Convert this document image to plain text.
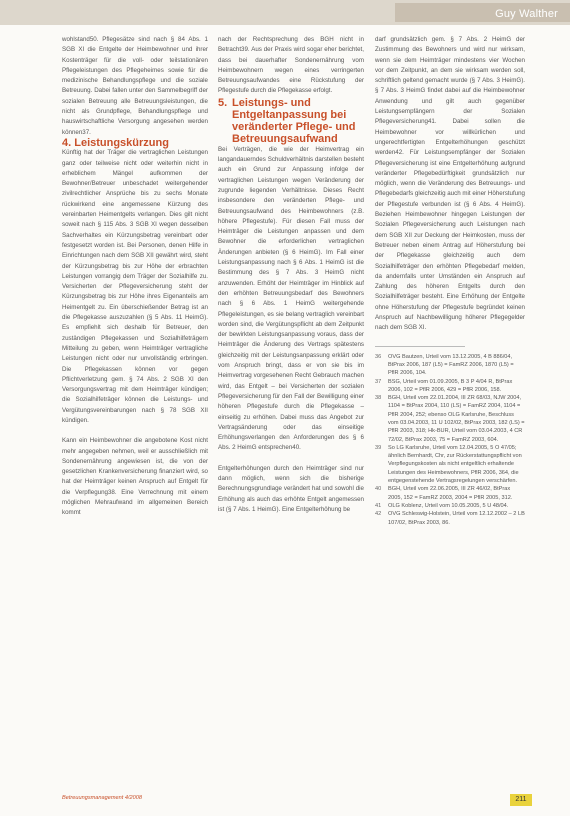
Guy Walther

wohlstand50. Pflegesätze sind nach § 84 Abs. 1 SGB XI die Entgelte der Heimbewohner und ihrer Kostenträger für die voll- oder teilstationären Pflegeleistungen des Pflegeheimes sowie für die medizinische Behandlungspflege und die soziale Betreuung. Dabei fallen unter den Sammelbegriff der sozialen Betreuung alle Betreuungsleistungen, die nicht als Grundpflege, Behandlungspflege und hauswirtschaftliche Versorgung angesehen werden können37.

4. Leistungskürzung

Künftig hat der Träger die vertraglichen Leistungen ganz oder teilweise nicht oder weiterhin nicht in erheblichem Mängel aufkommen der Bewohner/Betreuer unbeschadet weitergehender zivilrechtlicher Ansprüche bis zu sechs Monate rückwirkend eine angemessene Kürzung des vereinbarten Heimentgelts verlangen. Dies gilt nicht soweit nach § 115 Abs. 3 SGB XI wegen desselben Sachverhaltes ein Kürzungsbetrag vereinbart oder festgesetzt worden ist. Bei Personen, denen Hilfe in Einrichtungen nach dem SGB XII gewährt wird, steht der Kürzungsbetrag bis zur Höhe der erbrachten Leistungen vorrangig dem Träger der Sozialhilfe zu. Versicherten der Pflegeversicherung steht der Kürzungsbetrag bis zur Höhe ihres Eigenanteils am Heimentgelt zu. Ein überschießender Betrag ist an die Pflegekasse auszuzahlen (§ 5 Abs. 11 HeimG). Es empfiehlt sich deshalb für Betreuer, den zuständigen Pflegekassen und Sozialhilfeträgern Mitteilung zu geben, wenn Heimträger vertragliche Leistungen nicht oder nur unvollständig erbringen. Die Pflegekassen können vor gegen Pflichtverletzung gem. § 74 Abs. 2 SGB XI den Versorgungsvertrag mit dem Heimträger kündigen; die Sozialhilfeträger können die Leistungs- und Vergütungsvereinbarungen nach § 78 SGB XII kündigen.

Kann ein Heimbewohner die angebotene Kost nicht mehr angegeben nehmen, weil er ausschließlich mit Sondenernährung angewiesen ist, die von der gesetzlichen Krankenversicherung finanziert wird, so hat der Heimträger keinen Anspruch auf Entgelt für die Verpflegung38. Eine Verrechnung mit einem möglichen Mehraufwand im allgemeinen Bereich kommt

nach der Rechtsprechung des BGH nicht in Betracht39. Aus der Praxis wird sogar eher berichtet, dass bei dauerhafter Sondenernährung vom Heimbewohnern wegen eines verringerten Betreuungsaufwandes eine Rückstufung der Pflegestufe durch die Pflegekasse erfolgt.

5. Leistungs- und Entgeltanpassung bei veränderter Pflege- und Betreuungsaufwand

Bei Verträgen, die wie der Heimvertrag ein langandauerndes Schuldverhältnis darstellen besteht auch ein Grund zur Anpassung infolge der vertraglichen Leistungen wegen Veränderung der zugrunde liegenden Verhältnisse. Dieses Recht insbesondere den veränderten Pflege- und Betreuungsaufwand des Heimbewohners (z.B. höhere Pflegestufe). Für diesen Fall muss der Heimträger die Leistungen anpassen und dem Bewohner die erforderlichen vertraglichen Änderungen anbieten (§ 6 HeimG). Im Fall einer Leistungsanpassung nach § 6 Abs. 1 HeimG ist die Bestimmung des § 7 Abs. 3 HeimG nicht anzuwenden. Erhöht der Heimträger im Hinblick auf den erhöhten Betreuungsbedarf des Bewohners nach § 6 Abs. 1 HeimG weitergehende Pflegeleistungen, es sie belang vertraglich vereinbart worden sind, die Vergütungspflicht ab dem Zeitpunkt der bewirkten Leistungsanpassung voraus, dass der Heimträger die Änderung des Vertrags spätestens gleichzeitig mit der Leistungsanpassung erklärt oder vom Anspruch bringt, dass er von sie bis im Heimvertrag vorgesehenen Recht Gebrauch machen wird, das Entgelt – bei Versicherten der sozialen Pflegeversicherung für den Fall der Bewilligung einer höheren Pflegestufe durch die Pflegekasse – einseitig zu erhöhen. Dabei muss das Angebot zur Vertragsänderung oder das einseitige Erhöhungsverlangen den Anforderungen des § 6 Abs. 2 HeimG entsprechen40.

Entgelterhöhungen durch den Heimträger sind nur dann möglich, wenn sich die bisherige Berechnungsgrundlage verändert hat und sowohl die Erhöhung als auch das erhöhte Entgelt angemessen ist (§ 7 Abs. 1 HeimG). Eine Entgelterhöhung be

darf grundsätzlich gem. § 7 Abs. 2 HeimG der Zustimmung des Bewohners und wird nur wirksam, wenn sie dem Heimträger mindestens vier Wochen vor dem Zeitpunkt, an dem sie wirksam werden soll, schriftlich geltend gemacht wurde (§ 7 Abs. 3 HeimG). § 7 Abs. 3 HeimG findet dabei auf die Heimbewohner Anwendung und gilt auch gegenüber Leistungsempfängern der Sozialen Pflegeversicherung41. Dabei sollen die Heimbewohner vor willkürlichen und ungerechtfertigten Entgelterhöhungen geschützt werden42. Für Leistungsempfänger der Sozialen Pflegeversicherung ist eine Entgelterhöhung aufgrund veränderter Pflegebedürftigkeit grundsätzlich nur möglich, wenn die Veränderung des Betreuungs- und Pflegebedarfs gleichzeitig auch mit einer Höherstufung der Pflegestufe verbunden ist (§ 6 Abs. 4 HeimG). Beziehen Heimbewohner hingegen Leistungen der Sozialen Pflegeversicherung auch Leistungen nach dem SGB XII zur Deckung der Heimkosten, muss der Betreuer neben einem Antrag auf Höherstufung bei der Pflegekasse gleichzeitig auch dem Sozialhilfeträger den erhöhten Pflegebedarf melden, da andernfalls unter Umständen ein Anspruch auf Zahlung des höheren Entgelts durch den Sozialhilfeträger besteht. Eine Erhöhung der Entgelte ohne Höherstufung der Pflegestufe begründet keinen Anspruch auf Nachbewilligung höherer Pflegegelder nach dem SGB XI.

36	OVG Bautzen, Urteil vom 13.12.2005, 4 B 886/04, BtPrax 2006, 187 (L5) = FamRZ 2006, 1870 (L5) = PflR 2006, 104.
37	BSG, Urteil vom 01.09.2005, B 3 P 4/04 R, BtPrax 2006, 102 = PflR 2006, 429 = PflR 2006, 158.
38	BGH, Urteil vom 22.01.2004, III ZR 68/03, NJW 2004, 1104 = BtPrax 2004, 110 (LS) = FamRZ 2004, 1104 = PflR 2004, 252; ebenso OLG Karlsruhe, Beschluss vom 03.04.2003, 11 U 102/02, BtPrax 2003, 182 (LS) = PflR 2003, 318; Hk-BUR, Urteil vom 03.04.2003, 4 CR 72/02, BtPrax 2003, 75 = FamRZ 2003, 604.
39	So LG Karlsruhe, Urteil vom 12.04.2005, 5 O 47/05; ähnlich Bernhardt, Chr, zur Rückerstattungspflicht von Verpflegungskosten als nicht entgeltlich erhaltende Leistungen des Heimbewohners, PflR 2006, 364, die entgegenstehende Vertragsregelungen verschärfen.
40	BGH, Urteil vom 22.06.2005, III ZR 46/02, BtPrax 2005, 152 = FamRZ 2003, 2004 = PflR 2005, 312.
41	OLG Koblenz, Urteil vom 10.05.2005, 5 U 48/04.
42	OVG Schleswig-Holstein, Urteil vom 12.12.2002 – 2 LB 107/02, BtPrax 2003, 86.
Betreuungsmanagement 4/2008	211
